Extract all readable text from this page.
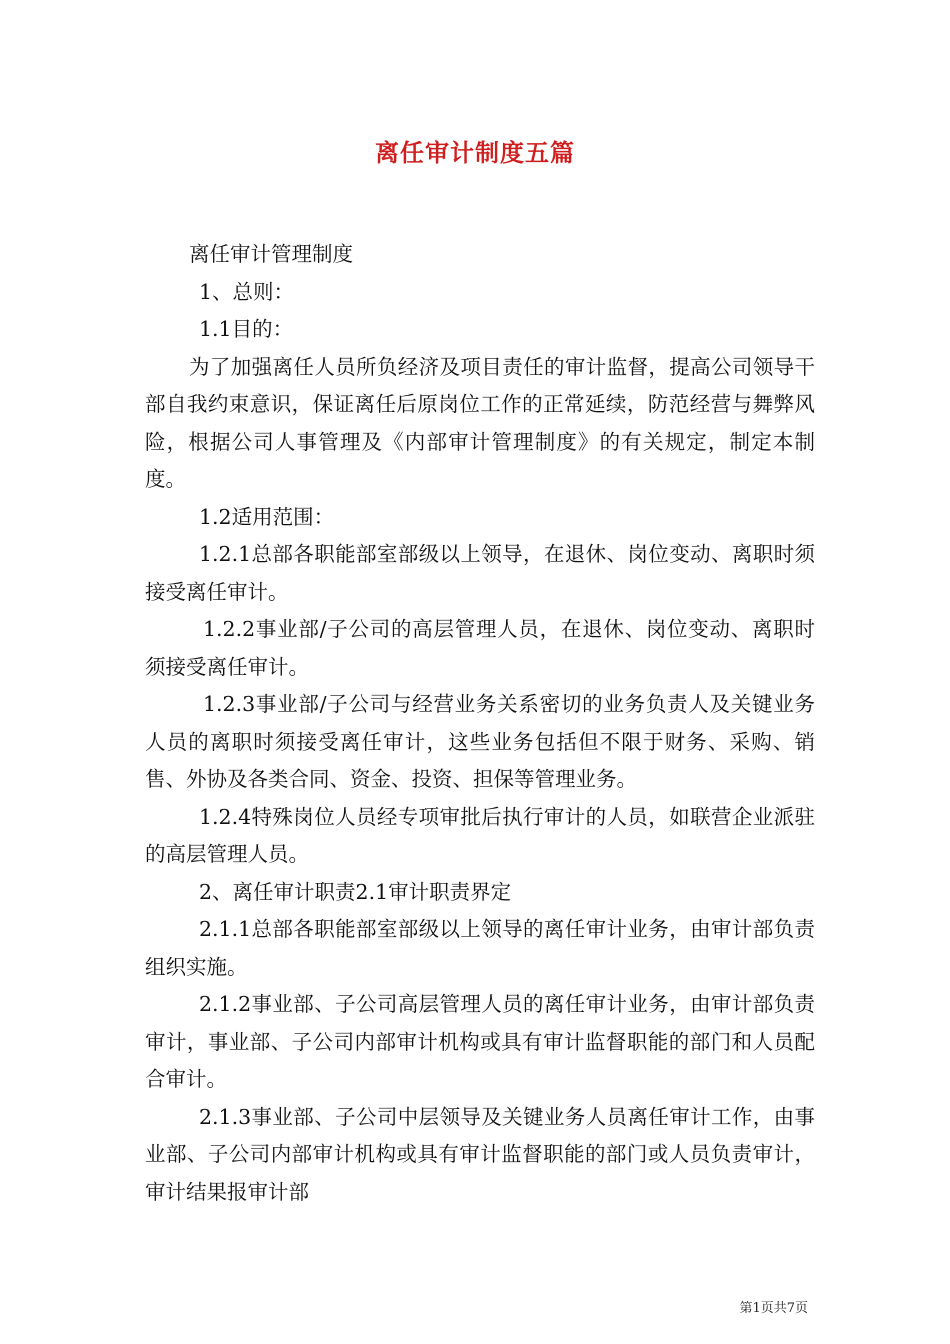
离任审计制度五篇

离任审计管理制度

1、总则：

1.1目的：

为了加强离任人员所负经济及项目责任的审计监督，提高公司领导干部自我约束意识，保证离任后原岗位工作的正常延续，防范经营与舞弊风险，根据公司人事管理及《内部审计管理制度》的有关规定，制定本制度。

1.2适用范围：

1.2.1总部各职能部室部级以上领导，在退休、岗位变动、离职时须接受离任审计。

1.2.2事业部/子公司的高层管理人员，在退休、岗位变动、离职时须接受离任审计。

1.2.3事业部/子公司与经营业务关系密切的业务负责人及关键业务人员的离职时须接受离任审计，这些业务包括但不限于财务、采购、销售、外协及各类合同、资金、投资、担保等管理业务。

1.2.4特殊岗位人员经专项审批后执行审计的人员，如联营企业派驻的高层管理人员。

2、离任审计职责2.1审计职责界定

2.1.1总部各职能部室部级以上领导的离任审计业务，由审计部负责组织实施。

2.1.2事业部、子公司高层管理人员的离任审计业务，由审计部负责审计，事业部、子公司内部审计机构或具有审计监督职能的部门和人员配合审计。

2.1.3事业部、子公司中层领导及关键业务人员离任审计工作，由事业部、子公司内部审计机构或具有审计监督职能的部门或人员负责审计，审计结果报审计部

第1页共7页
